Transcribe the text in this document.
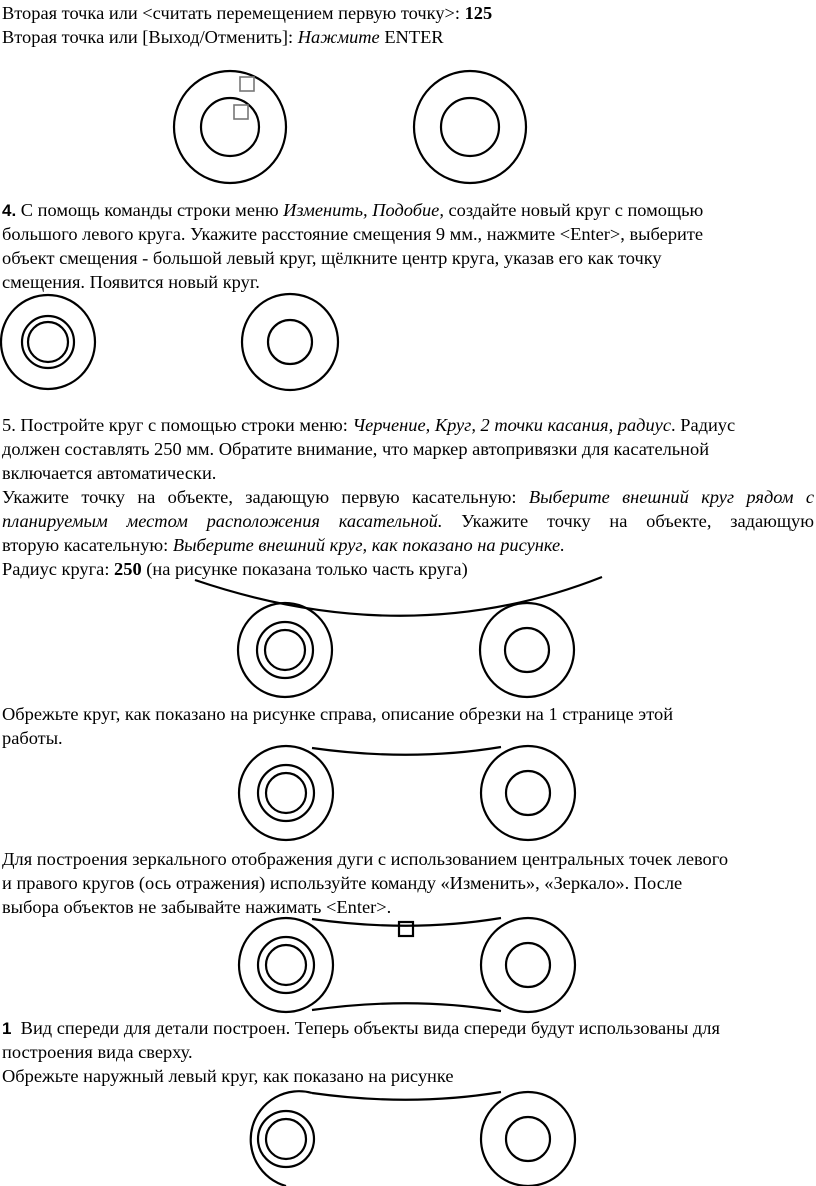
Вторая точка или <считать перемещением первую точку>: 125
Вторая точка или [Выход/Отменить]: Нажмите ENTER
4. С помощь команды строки меню Изменить, Подобие, создайте новый круг с помощью
большого левого круга. Укажите расстояние смещения 9 мм., нажмите <Enter>, выберите
объект смещения - большой левый круг, щёлкните центр круга, указав его как точку
смещения. Появится новый круг.
5. Постройте круг с помощью строки меню: Черчение, Круг, 2 точки касания, радиус. Радиус
должен составлять 250 мм. Обратите внимание, что маркер автопривязки для касательной
включается автоматически.
Укажите точку на объекте, задающую первую касательную: Выберите внешний круг рядом с
планируемым местом расположения касательной. Укажите точку на объекте, задающую
вторую касательную: Выберите внешний круг, как показано на рисунке.
Радиус круга: 250 (на рисунке показана только часть круга)
Обрежьте круг, как показано на рисунке справа, описание обрезки на 1 странице этой
работы.
Для построения зеркального отображения дуги с использованием центральных точек левого
и правого кругов (ось отражения) используйте команду «Изменить», «Зеркало». После
выбора объектов не забывайте нажимать <Enter>.
1 Вид спереди для детали построен. Теперь объекты вида спереди будут использованы для
построения вида сверху.
Обрежьте наружный левый круг, как показано на рисунке
